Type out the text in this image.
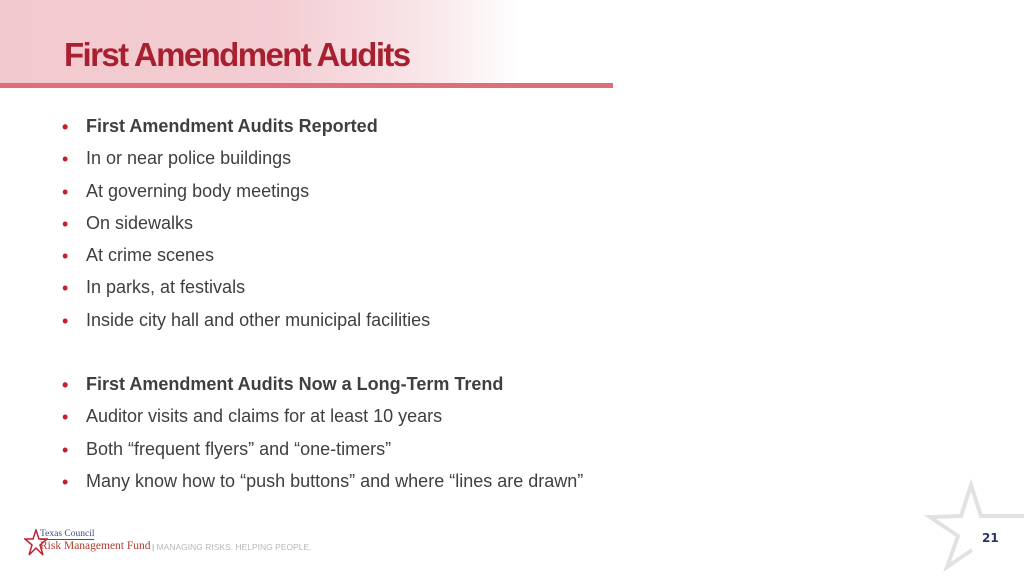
First Amendment Audits
• First Amendment Audits Reported
• In or near police buildings
• At governing body meetings
• On sidewalks
• At crime scenes
• In parks, at festivals
• Inside city hall and other municipal facilities
• First Amendment Audits Now a Long-Term Trend
• Auditor visits and claims for at least 10 years
• Both “frequent flyers” and “one-timers”
• Many know how to “push buttons” and where “lines are drawn”
Texas Council
Risk Management Fund | MANAGING RISKS. HELPING PEOPLE.
21
